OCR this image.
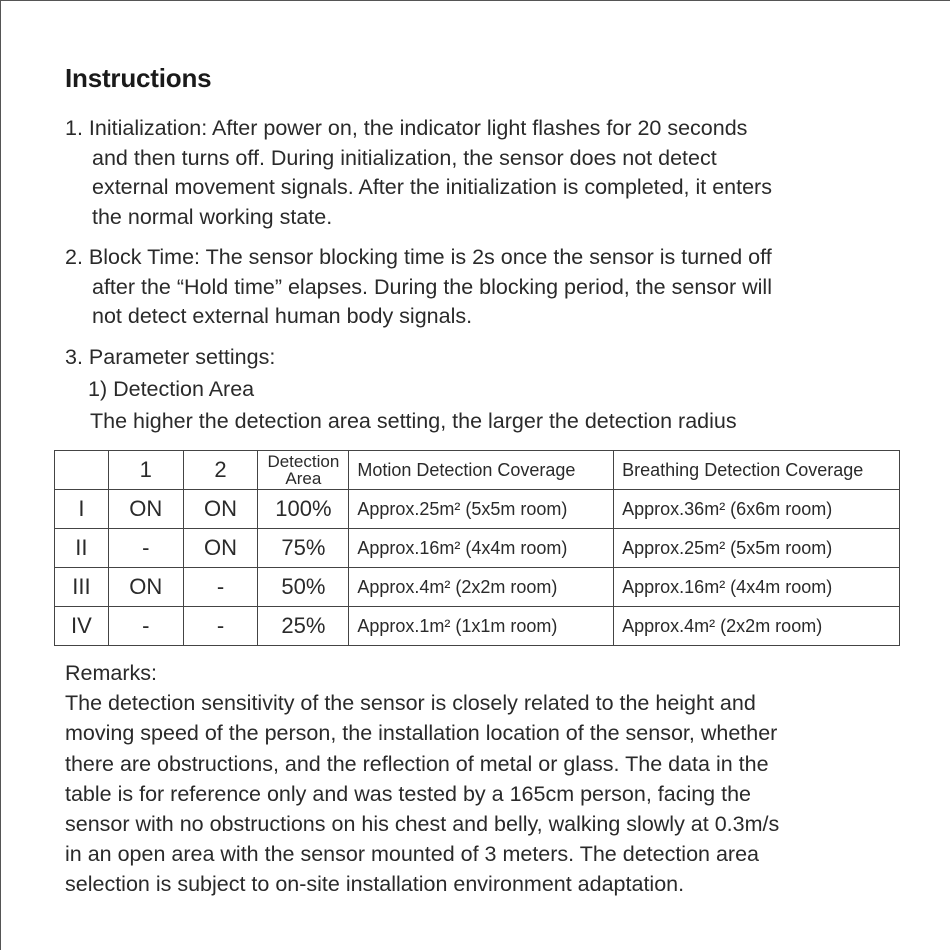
Instructions
1. Initialization: After power on, the indicator light flashes for 20 seconds
and then turns off. During initialization, the sensor does not detect
external movement signals. After the initialization is completed, it enters
the normal working state.
2. Block Time: The sensor blocking time is 2s once the sensor is turned off
after the “Hold time” elapses. During the blocking period, the sensor will
not detect external human body signals.
3. Parameter settings:
1) Detection Area
The higher the detection area setting, the larger the detection radius
	1	2	Detection
Area	Motion Detection Coverage	Breathing Detection Coverage
I	ON	ON	100%	Approx.25m² (5x5m room)	Approx.36m² (6x6m room)
II	-	ON	75%	Approx.16m² (4x4m room)	Approx.25m² (5x5m room)
III	ON	-	50%	Approx.4m² (2x2m room)	Approx.16m² (4x4m room)
IV	-	-	25%	Approx.1m² (1x1m room)	Approx.4m² (2x2m room)
Remarks:
The detection sensitivity of the sensor is closely related to the height and
moving speed of the person, the installation location of the sensor, whether
there are obstructions, and the reflection of metal or glass. The data in the
table is for reference only and was tested by a 165cm person, facing the
sensor with no obstructions on his chest and belly, walking slowly at 0.3m/s
in an open area with the sensor mounted of 3 meters. The detection area
selection is subject to on-site installation environment adaptation.
